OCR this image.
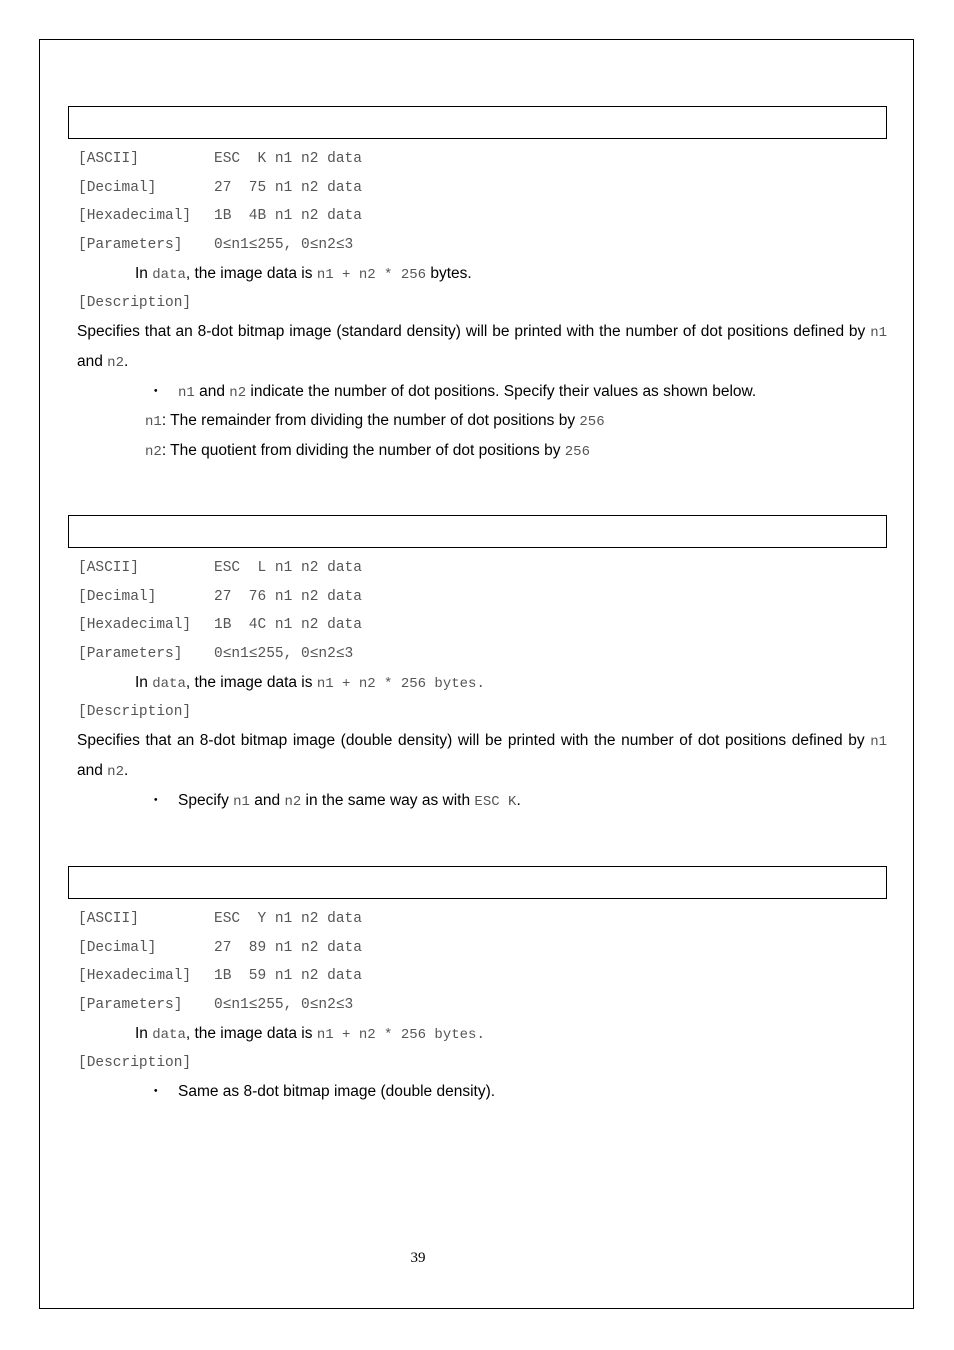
[ASCII]	ESC  K n1 n2 data
[Decimal]	27  75 n1 n2 data
[Hexadecimal] 1B  4B n1 n2 data
[Parameters] 0≤n1≤255, 0≤n2≤3
In data, the image data is n1 + n2 * 256 bytes.
[Description]
Specifies that an 8-dot bitmap image (standard density) will be printed with the number of dot positions defined by n1 and n2.
・ n1 and n2 indicate the number of dot positions. Specify their values as shown below.
n1: The remainder from dividing the number of dot positions by 256
n2: The quotient from dividing the number of dot positions by 256
[ASCII]	ESC  L n1 n2 data
[Decimal]	27  76 n1 n2 data
[Hexadecimal] 1B  4C n1 n2 data
[Parameters] 0≤n1≤255, 0≤n2≤3
In data, the image data is n1 + n2 * 256 bytes.
[Description]
Specifies that an 8-dot bitmap image (double density) will be printed with the number of dot positions defined by n1 and n2.
・ Specify n1 and n2 in the same way as with ESC K.
[ASCII]	ESC  Y n1 n2 data
[Decimal]	27  89 n1 n2 data
[Hexadecimal] 1B  59 n1 n2 data
[Parameters] 0≤n1≤255, 0≤n2≤3
In data, the image data is n1 + n2 * 256 bytes.
[Description]
・ Same as 8-dot bitmap image (double density).
39
